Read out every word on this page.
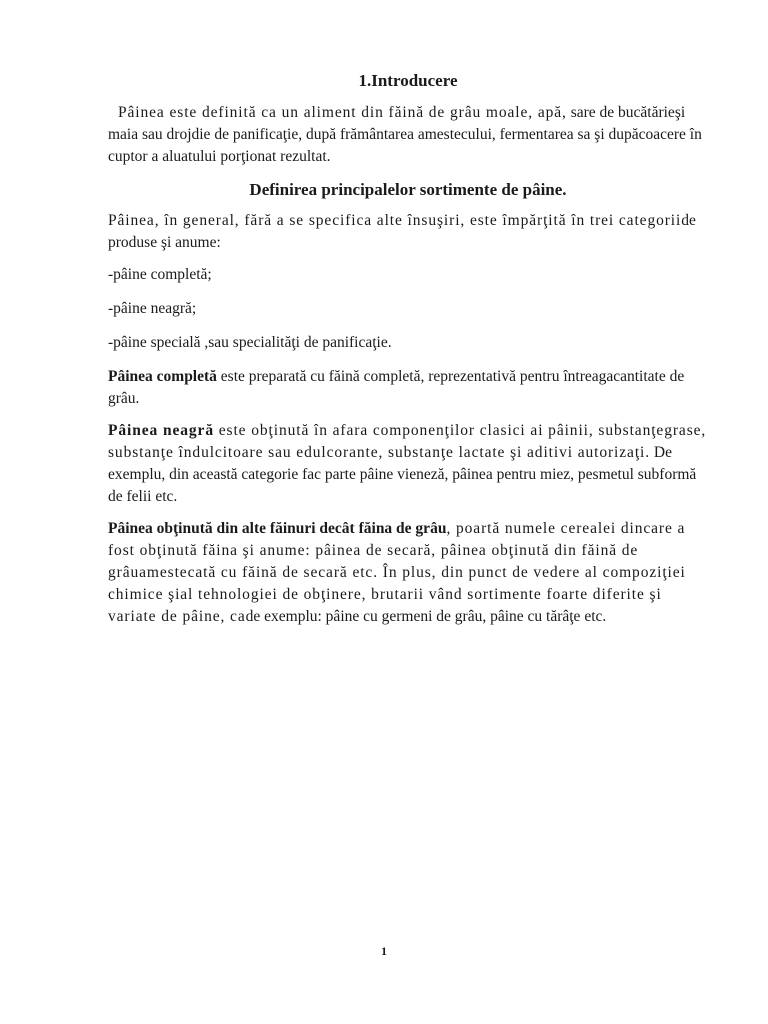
1.Introducere

Pâinea este definită ca un aliment din făină de grâu moale, apă, sare de bucătărieşi maia sau drojdie de panificaţie, după frământarea amestecului, fermentarea sa şi dupăcoacere în cuptor a aluatului porţionat rezultat.

Definirea principalelor sortimente de pâine.

Pâinea, în general, fără a se specifica alte însuşiri, este împărţită în trei categoriide produse şi anume:

-pâine completă;

-pâine neagră;

-pâine specială ,sau specialităţi de panificaţie.

Pâinea completă este preparată cu făină completă, reprezentativă pentru întreagacantitate de grâu.

Pâinea neagră este obţinută în afara componenţilor clasici ai pâinii, substanţegrase, substanţe îndulcitoare sau edulcorante, substanţe lactate şi aditivi autorizaţi. De exemplu, din această categorie fac parte pâine vieneză, pâinea pentru miez, pesmetul subformă de felii etc.

Pâinea obţinută din alte făinuri decât făina de grâu, poartă numele cerealei dincare a fost obţinută făina şi anume: pâinea de secară, pâinea obţinută din făină de grâuamestecată cu făină de secară etc. În plus, din punct de vedere al compoziţiei chimice şial tehnologiei de obţinere, brutarii vând sortimente foarte diferite şi variate de pâine, cade exemplu: pâine cu germeni de grâu, pâine cu tărâţe etc.

1
